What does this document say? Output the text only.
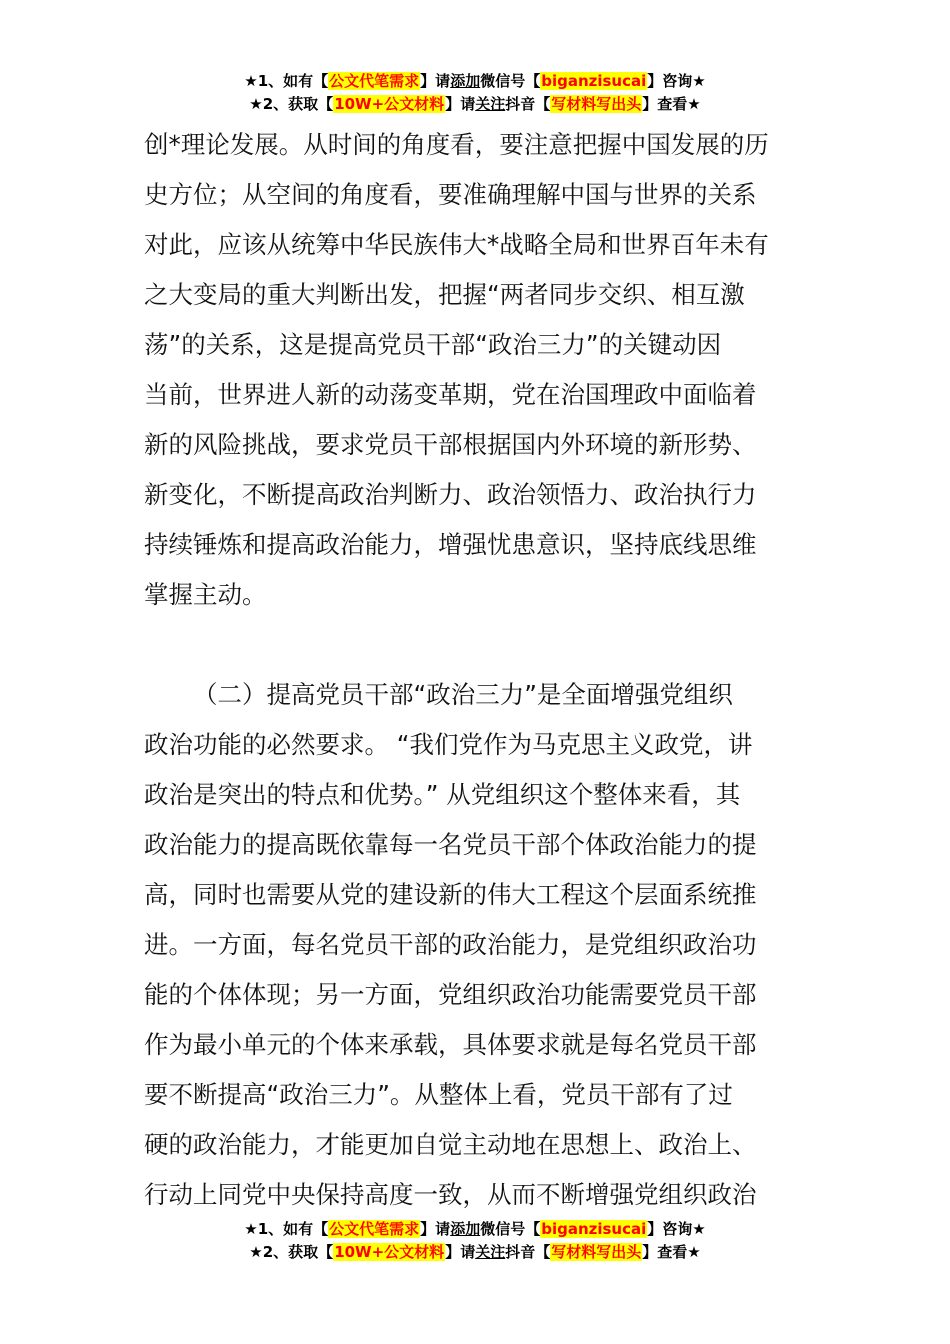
★1、如有【公文代笔需求】请添加微信号【biganzisucai】咨询★
★2、获取【10W+公文材料】请关注抖音【写材料写出头】查看★
创*理论发展。从时间的角度看，要注意把握中国发展的历
史方位；从空间的角度看，要准确理解中国与世界的关系
对此，应该从统筹中华民族伟大*战略全局和世界百年未有
之大变局的重大判断出发，把握“两者同步交织、相互激
荡”的关系，这是提高党员干部“政治三力”的关键动因
当前，世界进人新的动荡变革期，党在治国理政中面临着
新的风险挑战，要求党员干部根据国内外环境的新形势、
新变化，不断提高政治判断力、政治领悟力、政治执行力
持续锤炼和提高政治能力，增强忧患意识，坚持底线思维
掌握主动。
（二）提高党员干部“政治三力”是全面增强党组织
政治功能的必然要求。 “我们党作为马克思主义政党，讲
政治是突出的特点和优势。” 从党组织这个整体来看，其
政治能力的提高既依靠每一名党员干部个体政治能力的提
高，同时也需要从党的建设新的伟大工程这个层面系统推
进。一方面，每名党员干部的政治能力，是党组织政治功
能的个体体现；另一方面，党组织政治功能需要党员干部
作为最小单元的个体来承载，具体要求就是每名党员干部
要不断提高“政治三力”。从整体上看，党员干部有了过
硬的政治能力，才能更加自觉主动地在思想上、政治上、
行动上同党中央保持高度一致，从而不断增强党组织政治
★1、如有【公文代笔需求】请添加微信号【biganzisucai】咨询★
★2、获取【10W+公文材料】请关注抖音【写材料写出头】查看★
